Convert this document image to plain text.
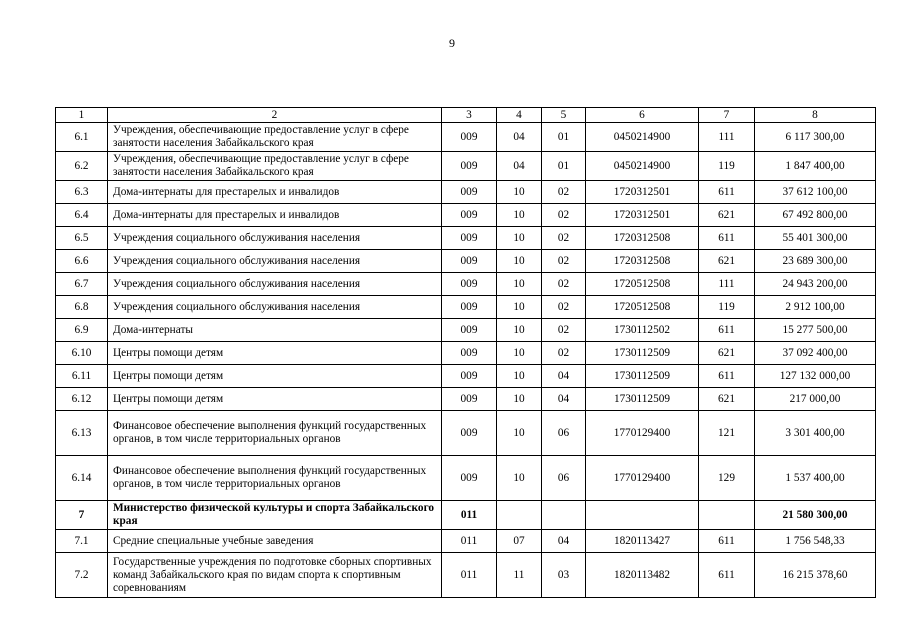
9
1	2	3	4	5	6	7	8
6.1	Учреждения, обеспечивающие предоставление услуг в сфере занятости населения Забайкальского края	009	04	01	0450214900	111	6 117 300,00
6.2	Учреждения, обеспечивающие предоставление услуг в сфере занятости населения Забайкальского края	009	04	01	0450214900	119	1 847 400,00
6.3	Дома-интернаты для престарелых и инвалидов	009	10	02	1720312501	611	37 612 100,00
6.4	Дома-интернаты для престарелых и инвалидов	009	10	02	1720312501	621	67 492 800,00
6.5	Учреждения социального обслуживания населения	009	10	02	1720312508	611	55 401 300,00
6.6	Учреждения социального обслуживания населения	009	10	02	1720312508	621	23 689 300,00
6.7	Учреждения социального обслуживания населения	009	10	02	1720512508	111	24 943 200,00
6.8	Учреждения социального обслуживания населения	009	10	02	1720512508	119	2 912 100,00
6.9	Дома-интернаты	009	10	02	1730112502	611	15 277 500,00
6.10	Центры помощи детям	009	10	02	1730112509	621	37 092 400,00
6.11	Центры помощи детям	009	10	04	1730112509	611	127 132 000,00
6.12	Центры помощи детям	009	10	04	1730112509	621	217 000,00
6.13	Финансовое обеспечение выполнения функций государственных органов, в том числе территориальных органов	009	10	06	1770129400	121	3 301 400,00
6.14	Финансовое обеспечение выполнения функций государственных органов, в том числе территориальных органов	009	10	06	1770129400	129	1 537 400,00
7	Министерство физической культуры и спорта Забайкальского края	011					21 580 300,00
7.1	Средние специальные учебные заведения	011	07	04	1820113427	611	1 756 548,33
7.2	Государственные учреждения по подготовке сборных спортивных команд Забайкальского края по видам спорта к спортивным соревнованиям	011	11	03	1820113482	611	16 215 378,60
